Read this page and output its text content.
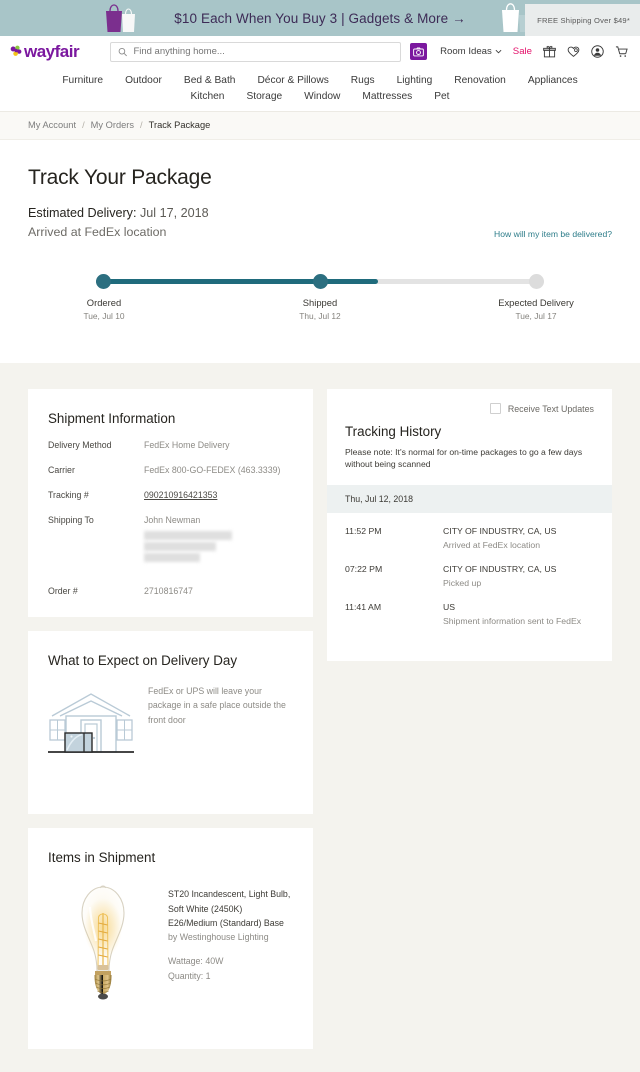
$10 Each When You Buy 3 | Gadgets & More →	FREE Shipping Over $49*
wayfair
Find anything home...	Room Ideas Sale
Furniture Outdoor Bed & Bath Décor & Pillows Rugs Lighting Renovation Appliances
Kitchen Storage Window Mattresses Pet
My Account / My Orders / Track Package
Track Your Package
Estimated Delivery: Jul 17, 2018
Arrived at FedEx location	How will my item be delivered?
Ordered
Tue, Jul 10
Shipped
Thu, Jul 12
Expected Delivery
Tue, Jul 17
Shipment Information
Delivery Method	FedEx Home Delivery
Carrier	FedEx 800-GO-FEDEX (463.3339)
Tracking #	090210916421353
Shipping To	John Newman
Order #	2710816747
What to Expect on Delivery Day
FedEx or UPS will leave your package in a safe place outside the front door
Items in Shipment
ST20 Incandescent, Light Bulb, Soft White (2450K) E26/Medium (Standard) Base
by Westinghouse Lighting
Wattage: 40W
Quantity: 1
Receive Text Updates
Tracking History
Please note: It's normal for on-time packages to go a few days without being scanned
Thu, Jul 12, 2018
11:52 PM	CITY OF INDUSTRY, CA, US
Arrived at FedEx location
07:22 PM	CITY OF INDUSTRY, CA, US
Picked up
11:41 AM	US
Shipment information sent to FedEx
